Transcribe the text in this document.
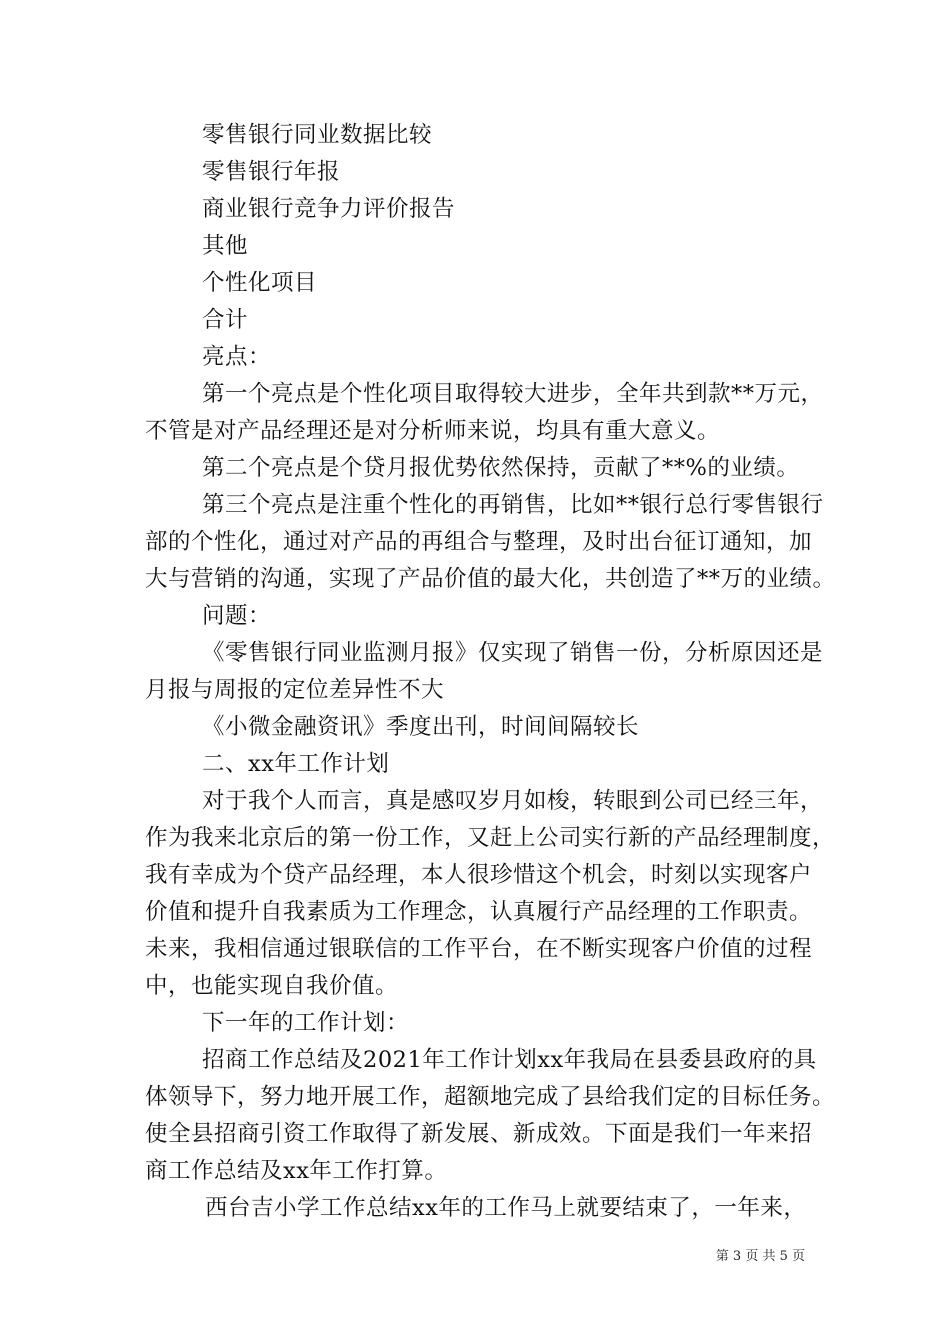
零售银行同业数据比较
零售银行年报
商业银行竞争力评价报告
其他
个性化项目
合计
亮点：
第一个亮点是个性化项目取得较大进步，全年共到款**万元，
不管是对产品经理还是对分析师来说，均具有重大意义。
第二个亮点是个贷月报优势依然保持，贡献了**%的业绩。
第三个亮点是注重个性化的再销售，比如**银行总行零售银行
部的个性化，通过对产品的再组合与整理，及时出台征订通知，加
大与营销的沟通，实现了产品价值的最大化，共创造了**万的业绩。
问题：
《零售银行同业监测月报》仅实现了销售一份，分析原因还是
月报与周报的定位差异性不大
《小微金融资讯》季度出刊，时间间隔较长
二、xx年工作计划
对于我个人而言，真是感叹岁月如梭，转眼到公司已经三年，
作为我来北京后的第一份工作，又赶上公司实行新的产品经理制度，
我有幸成为个贷产品经理，本人很珍惜这个机会，时刻以实现客户
价值和提升自我素质为工作理念，认真履行产品经理的工作职责。
未来，我相信通过银联信的工作平台，在不断实现客户价值的过程
中，也能实现自我价值。
下一年的工作计划：
招商工作总结及2021年工作计划xx年我局在县委县政府的具
体领导下，努力地开展工作，超额地完成了县给我们定的目标任务。
使全县招商引资工作取得了新发展、新成效。下面是我们一年来招
商工作总结及xx年工作打算。
西台吉小学工作总结xx年的工作马上就要结束了，一年来，
第 3 页 共 5 页
